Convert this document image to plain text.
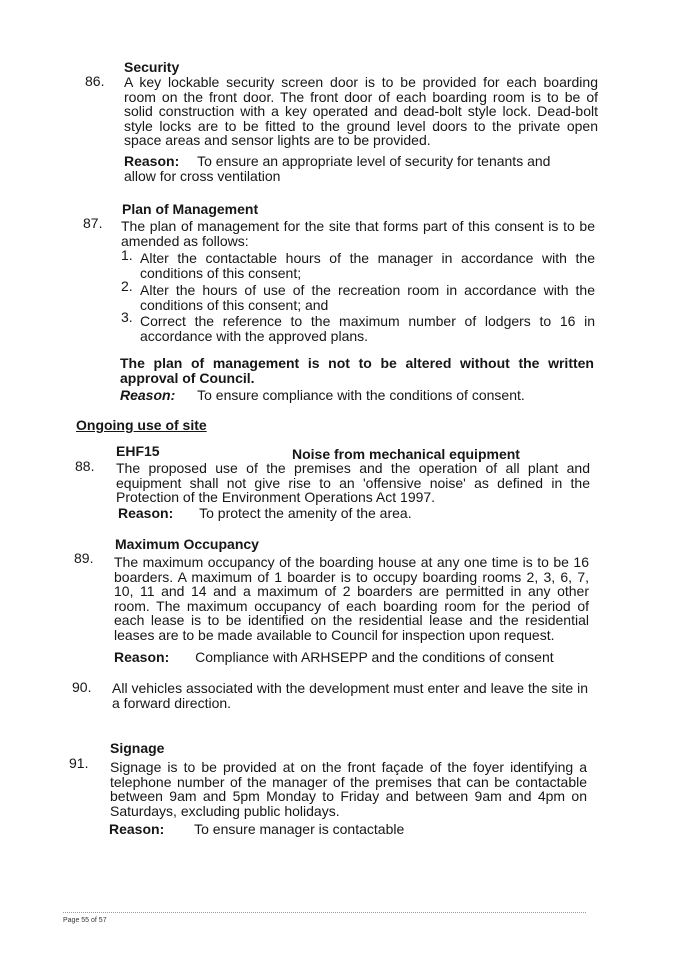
Security
86. A key lockable security screen door is to be provided for each boarding room on the front door. The front door of each boarding room is to be of solid construction with a key operated and dead-bolt style lock. Dead-bolt style locks are to be fitted to the ground level doors to the private open space areas and sensor lights are to be provided.
Reason: To ensure an appropriate level of security for tenants and
allow for cross ventilation
Plan of Management
87. The plan of management for the site that forms part of this consent is to be amended as follows:
1. Alter the contactable hours of the manager in accordance with the conditions of this consent;
2. Alter the hours of use of the recreation room in accordance with the conditions of this consent; and
3. Correct the reference to the maximum number of lodgers to 16 in accordance with the approved plans.
The plan of management is not to be altered without the written approval of Council.
Reason: To ensure compliance with the conditions of consent.
Ongoing use of site
EHF15	Noise from mechanical equipment
88. The proposed use of the premises and the operation of all plant and equipment shall not give rise to an 'offensive noise' as defined in the Protection of the Environment Operations Act 1997.
Reason: To protect the amenity of the area.
Maximum Occupancy
89. The maximum occupancy of the boarding house at any one time is to be 16 boarders. A maximum of 1 boarder is to occupy boarding rooms 2, 3, 6, 7, 10, 11 and 14 and a maximum of 2 boarders are permitted in any other room. The maximum occupancy of each boarding room for the period of each lease is to be identified on the residential lease and the residential leases are to be made available to Council for inspection upon request.
Reason: Compliance with ARHSEPP and the conditions of consent
90. All vehicles associated with the development must enter and leave the site in a forward direction.
Signage
91. Signage is to be provided at on the front façade of the foyer identifying a telephone number of the manager of the premises that can be contactable between 9am and 5pm Monday to Friday and between 9am and 4pm on Saturdays, excluding public holidays.
Reason: To ensure manager is contactable
Page 55 of 57
